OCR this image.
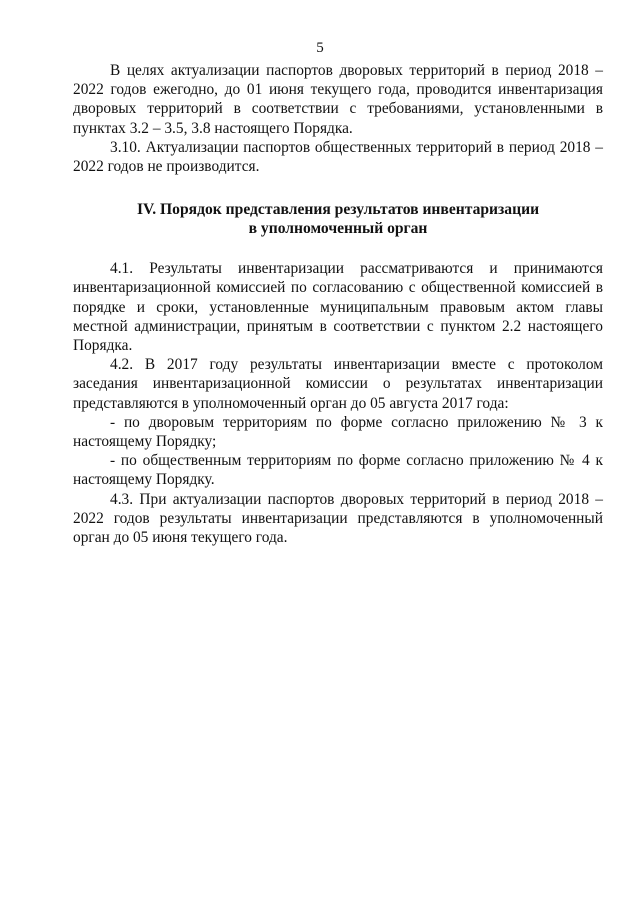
5

В целях актуализации паспортов дворовых территорий в период 2018 – 2022 годов ежегодно, до 01 июня текущего года, проводится инвентаризация дворовых территорий в соответствии с требованиями, установленными в пунктах 3.2 – 3.5, 3.8 настоящего Порядка.

3.10. Актуализации паспортов общественных территорий в период 2018 – 2022 годов не производится.

IV. Порядок представления результатов инвентаризации
в уполномоченный орган

4.1. Результаты инвентаризации рассматриваются и принимаются инвентаризационной комиссией по согласованию с общественной комиссией в порядке и сроки, установленные муниципальным правовым актом главы местной администрации, принятым в соответствии с пунктом 2.2 настоящего Порядка.

4.2. В 2017 году результаты инвентаризации вместе с протоколом заседания инвентаризационной комиссии о результатах инвентаризации представляются в уполномоченный орган до 05 августа 2017 года:

- по дворовым территориям по форме согласно приложению № 3 к настоящему Порядку;

- по общественным территориям по форме согласно приложению № 4 к настоящему Порядку.

4.3. При актуализации паспортов дворовых территорий в период 2018 – 2022 годов результаты инвентаризации представляются в уполномоченный орган до 05 июня текущего года.
